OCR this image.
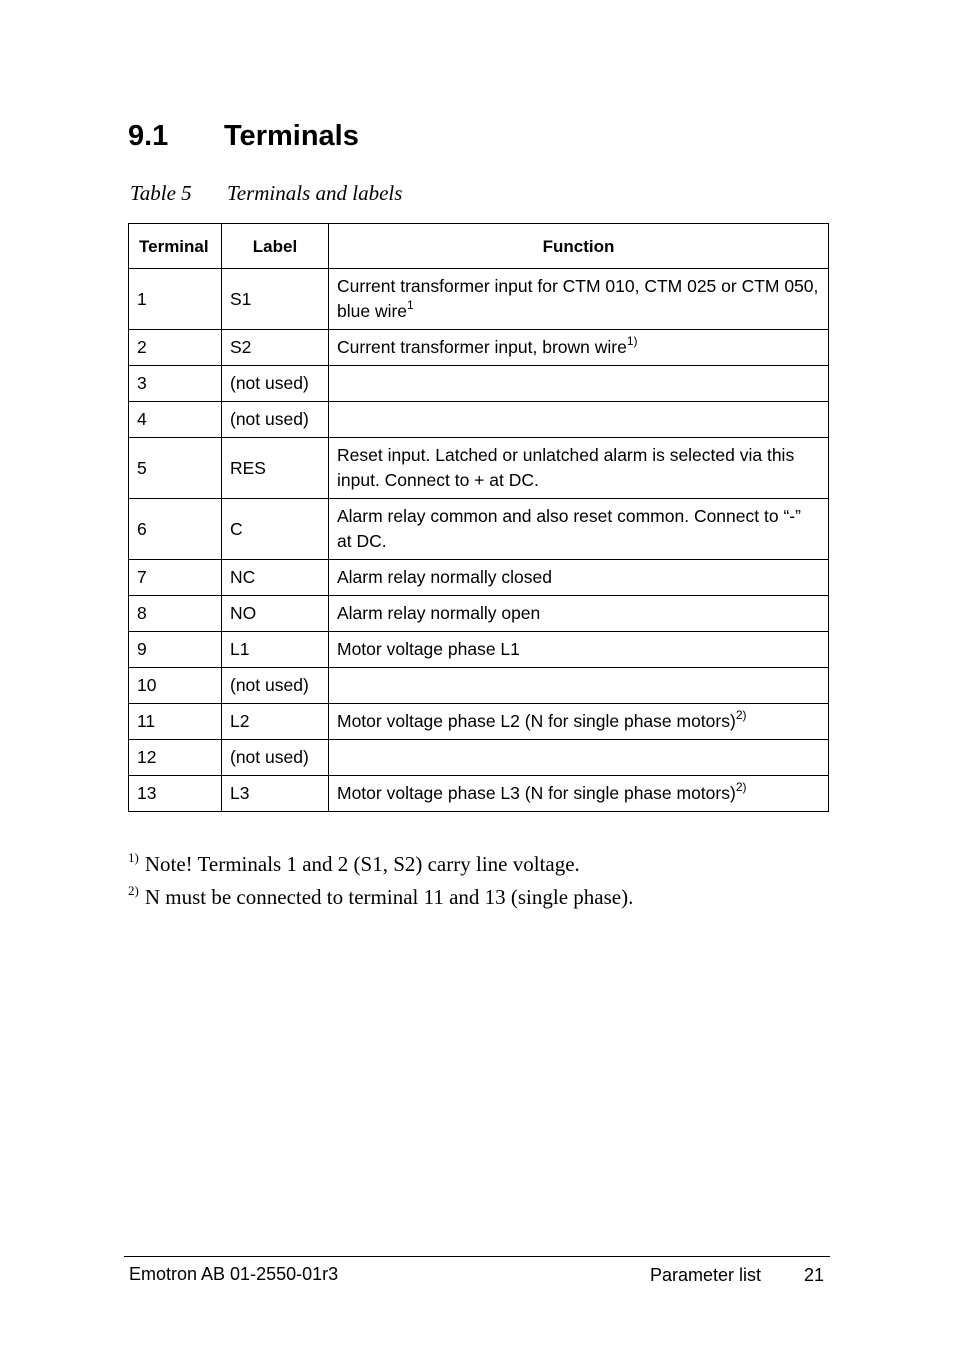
9.1 Terminals
Table 5 Terminals and labels
Terminal	Label	Function
1	S1	Current transformer input for CTM 010, CTM 025 or CTM 050, blue wire$^1$
2	S2	Current transformer input, brown wire$^{1)}$
3	(not used)	
4	(not used)	
5	RES	Reset input. Latched or unlatched alarm is selected via this input. Connect to + at DC.
6	C	Alarm relay common and also reset common. Connect to “-” at DC.
7	NC	Alarm relay normally closed
8	NO	Alarm relay normally open
9	L1	Motor voltage phase L1
10	(not used)	
11	L2	Motor voltage phase L2 (N for single phase motors)$^{2)}$
12	(not used)	
13	L3	Motor voltage phase L3 (N for single phase motors)$^{2)}$
$^{1)}$ Note! Terminals 1 and 2 (S1, S2) carry line voltage.
$^{2)}$ N must be connected to terminal 11 and 13 (single phase).
Emotron AB 01-2550-01r3	Parameter list 21
